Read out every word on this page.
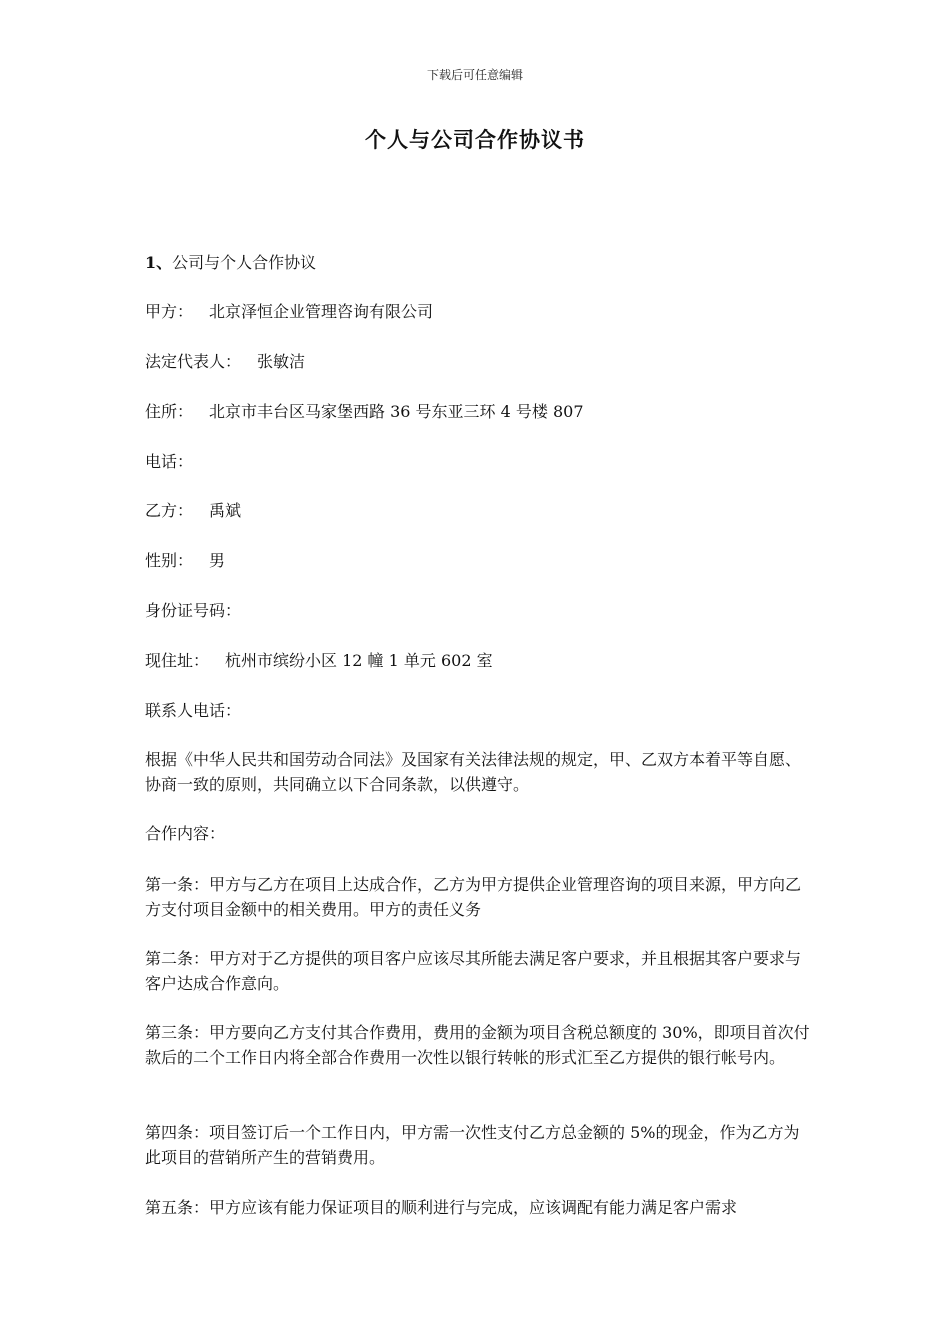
下载后可任意编辑
个人与公司合作协议书

1、公司与个人合作协议

甲方： 北京泽恒企业管理咨询有限公司

法定代表人： 张敏洁

住所： 北京市丰台区马家堡西路 36 号东亚三环 4 号楼 807

电话：

乙方： 禹斌

性别： 男

身份证号码：

现住址： 杭州市缤纷小区 12 幢 1 单元 602 室

联系人电话：

根据《中华人民共和国劳动合同法》及国家有关法律法规的规定，甲、乙双方本着平等自愿、协商一致的原则，共同确立以下合同条款，以供遵守。

合作内容：

第一条：甲方与乙方在项目上达成合作，乙方为甲方提供企业管理咨询的项目来源，甲方向乙方支付项目金额中的相关费用。甲方的责任义务

第二条：甲方对于乙方提供的项目客户应该尽其所能去满足客户要求，并且根据其客户要求与客户达成合作意向。

第三条：甲方要向乙方支付其合作费用，费用的金额为项目含税总额度的 30%，即项目首次付款后的二个工作日内将全部合作费用一次性以银行转帐的形式汇至乙方提供的银行帐号内。

第四条：项目签订后一个工作日内，甲方需一次性支付乙方总金额的 5%的现金，作为乙方为此项目的营销所产生的营销费用。

第五条：甲方应该有能力保证项目的顺利进行与完成，应该调配有能力满足客户需求
